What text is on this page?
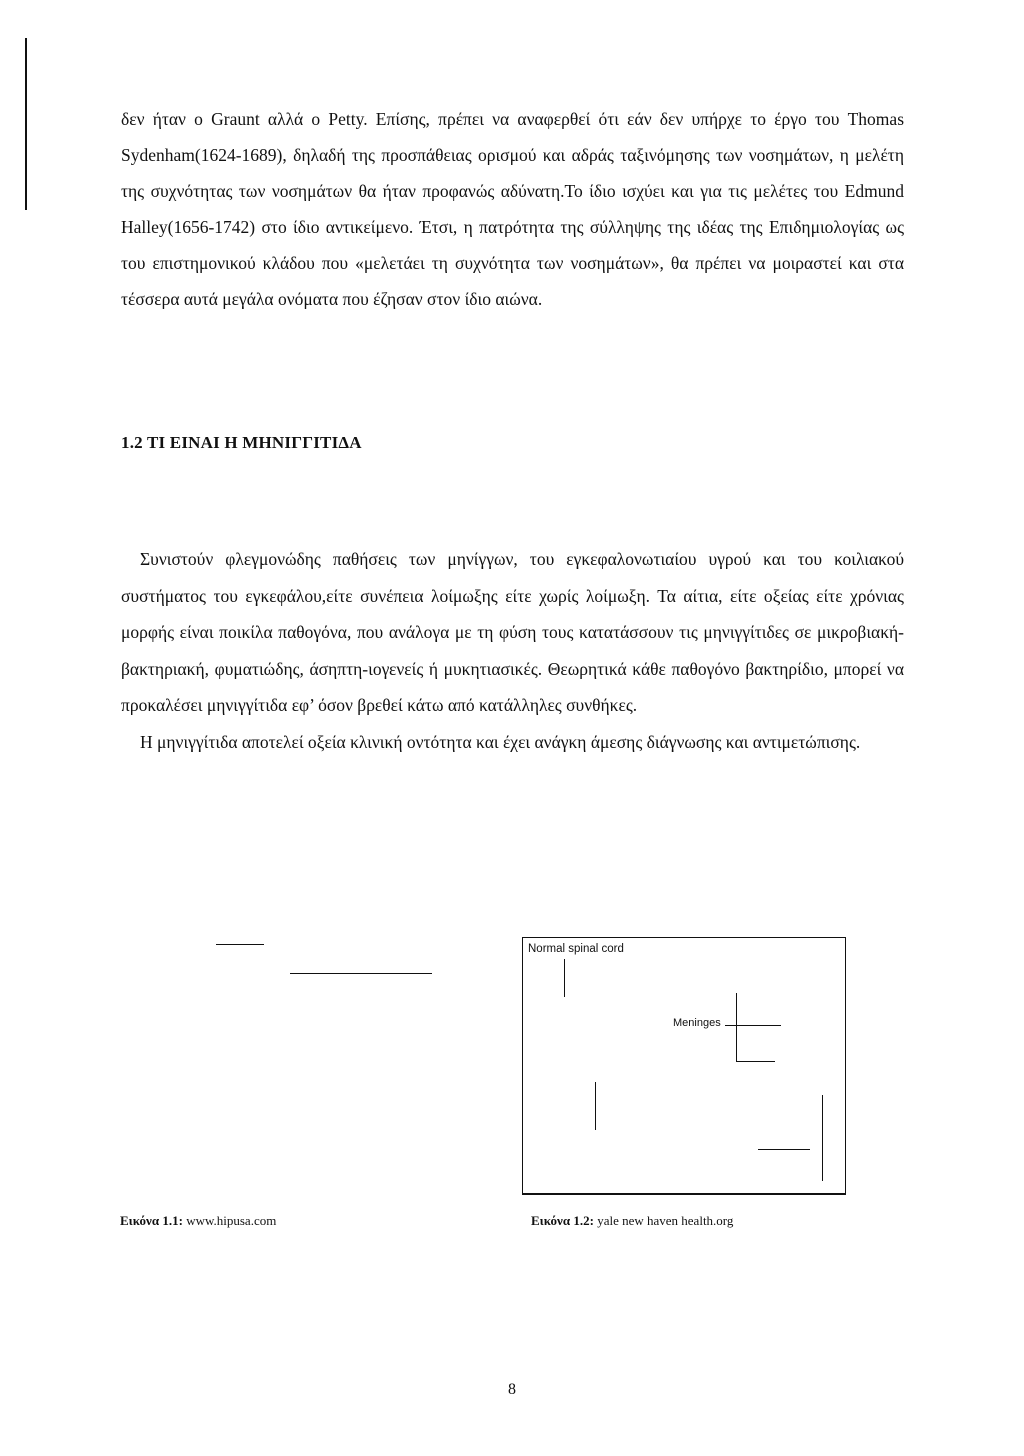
δεν ήταν ο Graunt αλλά ο Petty. Επίσης, πρέπει να αναφερθεί ότι εάν δεν υπήρχε το έργο του Thomas Sydenham(1624-1689), δηλαδή της προσπάθειας ορισμού και αδράς ταξινόμησης των νοσημάτων, η μελέτη της συχνότητας των νοσημάτων θα ήταν προφανώς αδύνατη.Το ίδιο ισχύει και για τις μελέτες του Edmund Halley(1656-1742) στο ίδιο αντικείμενο. Έτσι, η πατρότητα της σύλληψης της ιδέας της Επιδημιολογίας ως του επιστημονικού κλάδου που «μελετάει τη συχνότητα των νοσημάτων», θα πρέπει να μοιραστεί και στα τέσσερα αυτά μεγάλα ονόματα που έζησαν στον ίδιο αιώνα.

1.2 ΤΙ ΕΙΝΑΙ Η ΜΗΝΙΓΓΙΤΙΔΑ

Συνιστούν φλεγμονώδης παθήσεις των μηνίγγων, του εγκεφαλονωτιαίου υγρού και του κοιλιακού συστήματος του εγκεφάλου,είτε συνέπεια λοίμωξης είτε χωρίς λοίμωξη. Τα αίτια, είτε οξείας είτε χρόνιας μορφής είναι ποικίλα παθογόνα, που ανάλογα με τη φύση τους κατατάσσουν τις μηνιγγίτιδες σε μικροβιακή-βακτηριακή, φυματιώδης, άσηπτη-ιογενείς ή μυκητιασικές. Θεωρητικά κάθε παθογόνο βακτηρίδιο, μπορεί να προκαλέσει μηνιγγίτιδα εφ’ όσον βρεθεί κάτω από κατάλληλες συνθήκες.

Η μηνιγγίτιδα αποτελεί οξεία κλινική οντότητα και έχει ανάγκη άμεσης διάγνωσης και αντιμετώπισης.

Normal spinal cord
Meninges

Εικόνα 1.1: www.hipusa.com	Εικόνα 1.2: yale new haven health.org

8
